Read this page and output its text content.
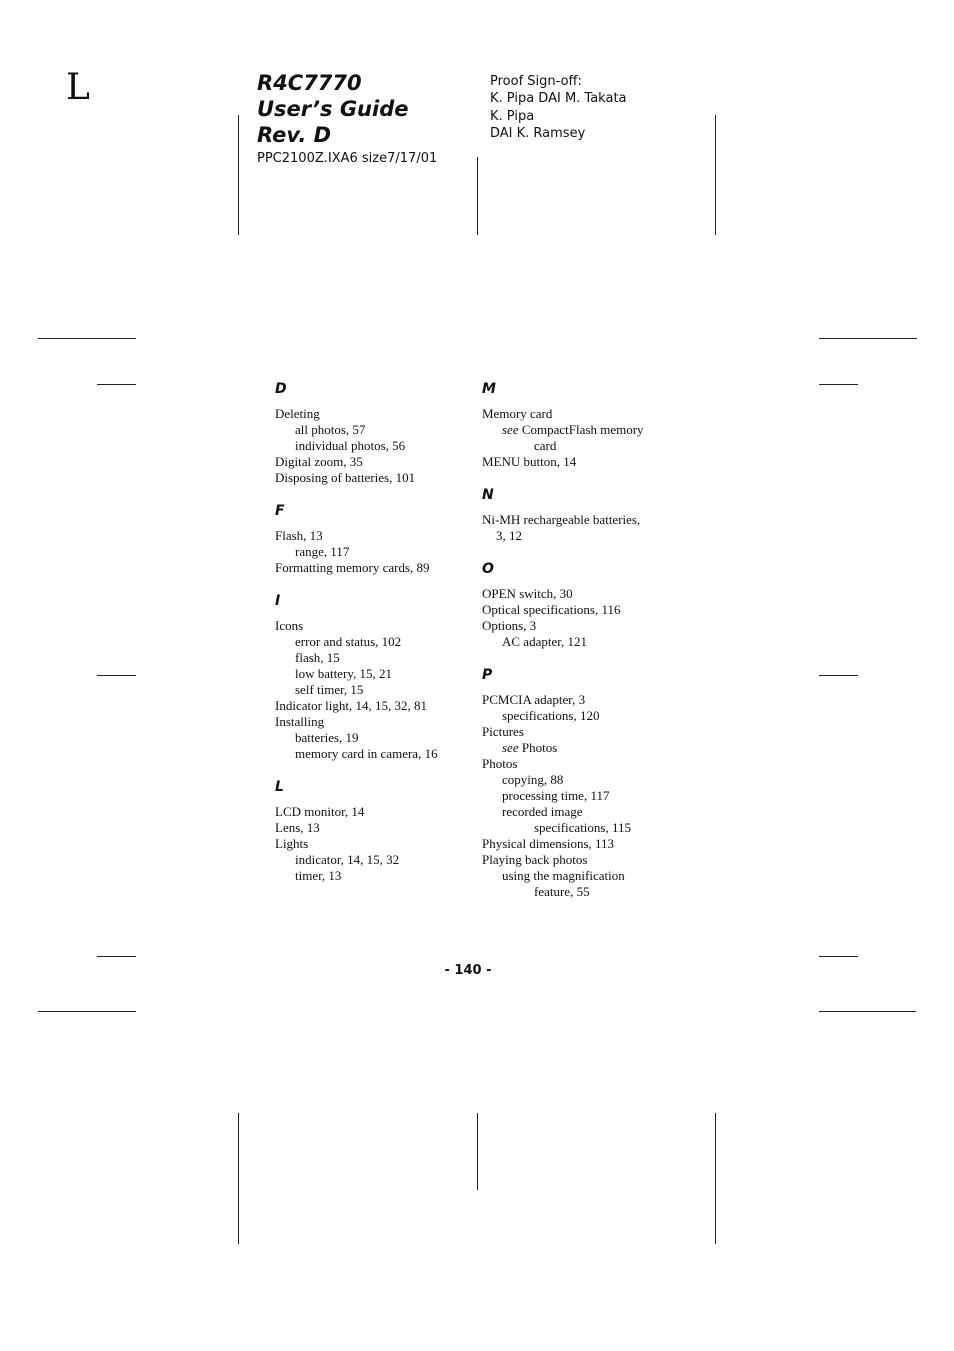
L	R4C7770
User’s Guide
Rev. D
PPC2100Z.IXA6 size7/17/01
Proof Sign-off:
K. Pipa DAI M. Takata
K. Pipa
DAI K. Ramsey
D
Deleting
all photos, 57
individual photos, 56
Digital zoom, 35
Disposing of batteries, 101
F
Flash, 13
range, 117
Formatting memory cards, 89
I
Icons
error and status, 102
flash, 15
low battery, 15, 21
self timer, 15
Indicator light, 14, 15, 32, 81
Installing
batteries, 19
memory card in camera, 16
L
LCD monitor, 14
Lens, 13
Lights
indicator, 14, 15, 32
timer, 13
M
Memory card
see CompactFlash memory
card
MENU button, 14
N
Ni-MH rechargeable batteries,
3, 12
O
OPEN switch, 30
Optical specifications, 116
Options, 3
AC adapter, 121
P
PCMCIA adapter, 3
specifications, 120
Pictures
see Photos
Photos
copying, 88
processing time, 117
recorded image
specifications, 115
Physical dimensions, 113
Playing back photos
using the magnification
feature, 55
- 140 -
